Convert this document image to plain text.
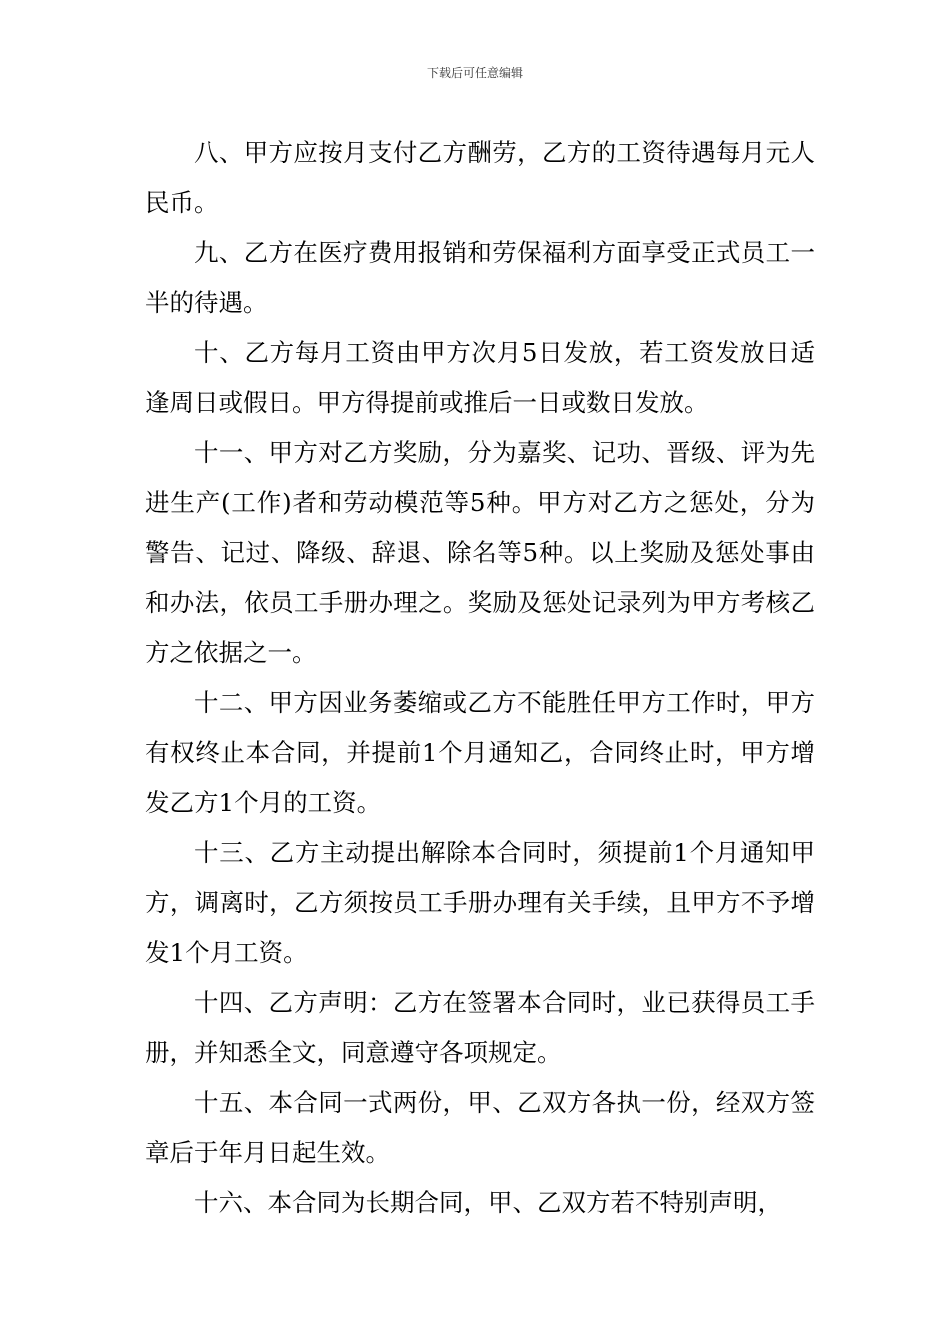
下载后可任意编辑

八、甲方应按月支付乙方酬劳，乙方的工资待遇每月元人民币。

九、乙方在医疗费用报销和劳保福利方面享受正式员工一半的待遇。

十、乙方每月工资由甲方次月5日发放，若工资发放日适逢周日或假日。甲方得提前或推后一日或数日发放。

十一、甲方对乙方奖励，分为嘉奖、记功、晋级、评为先进生产(工作)者和劳动模范等5种。甲方对乙方之惩处，分为警告、记过、降级、辞退、除名等5种。以上奖励及惩处事由和办法，依员工手册办理之。奖励及惩处记录列为甲方考核乙方之依据之一。

十二、甲方因业务萎缩或乙方不能胜任甲方工作时，甲方有权终止本合同，并提前1个月通知乙，合同终止时，甲方增发乙方1个月的工资。

十三、乙方主动提出解除本合同时，须提前1个月通知甲方，调离时，乙方须按员工手册办理有关手续，且甲方不予增发1个月工资。

十四、乙方声明：乙方在签署本合同时，业已获得员工手册，并知悉全文，同意遵守各项规定。

十五、本合同一式两份，甲、乙双方各执一份，经双方签章后于年月日起生效。

十六、本合同为长期合同，甲、乙双方若不特别声明，
